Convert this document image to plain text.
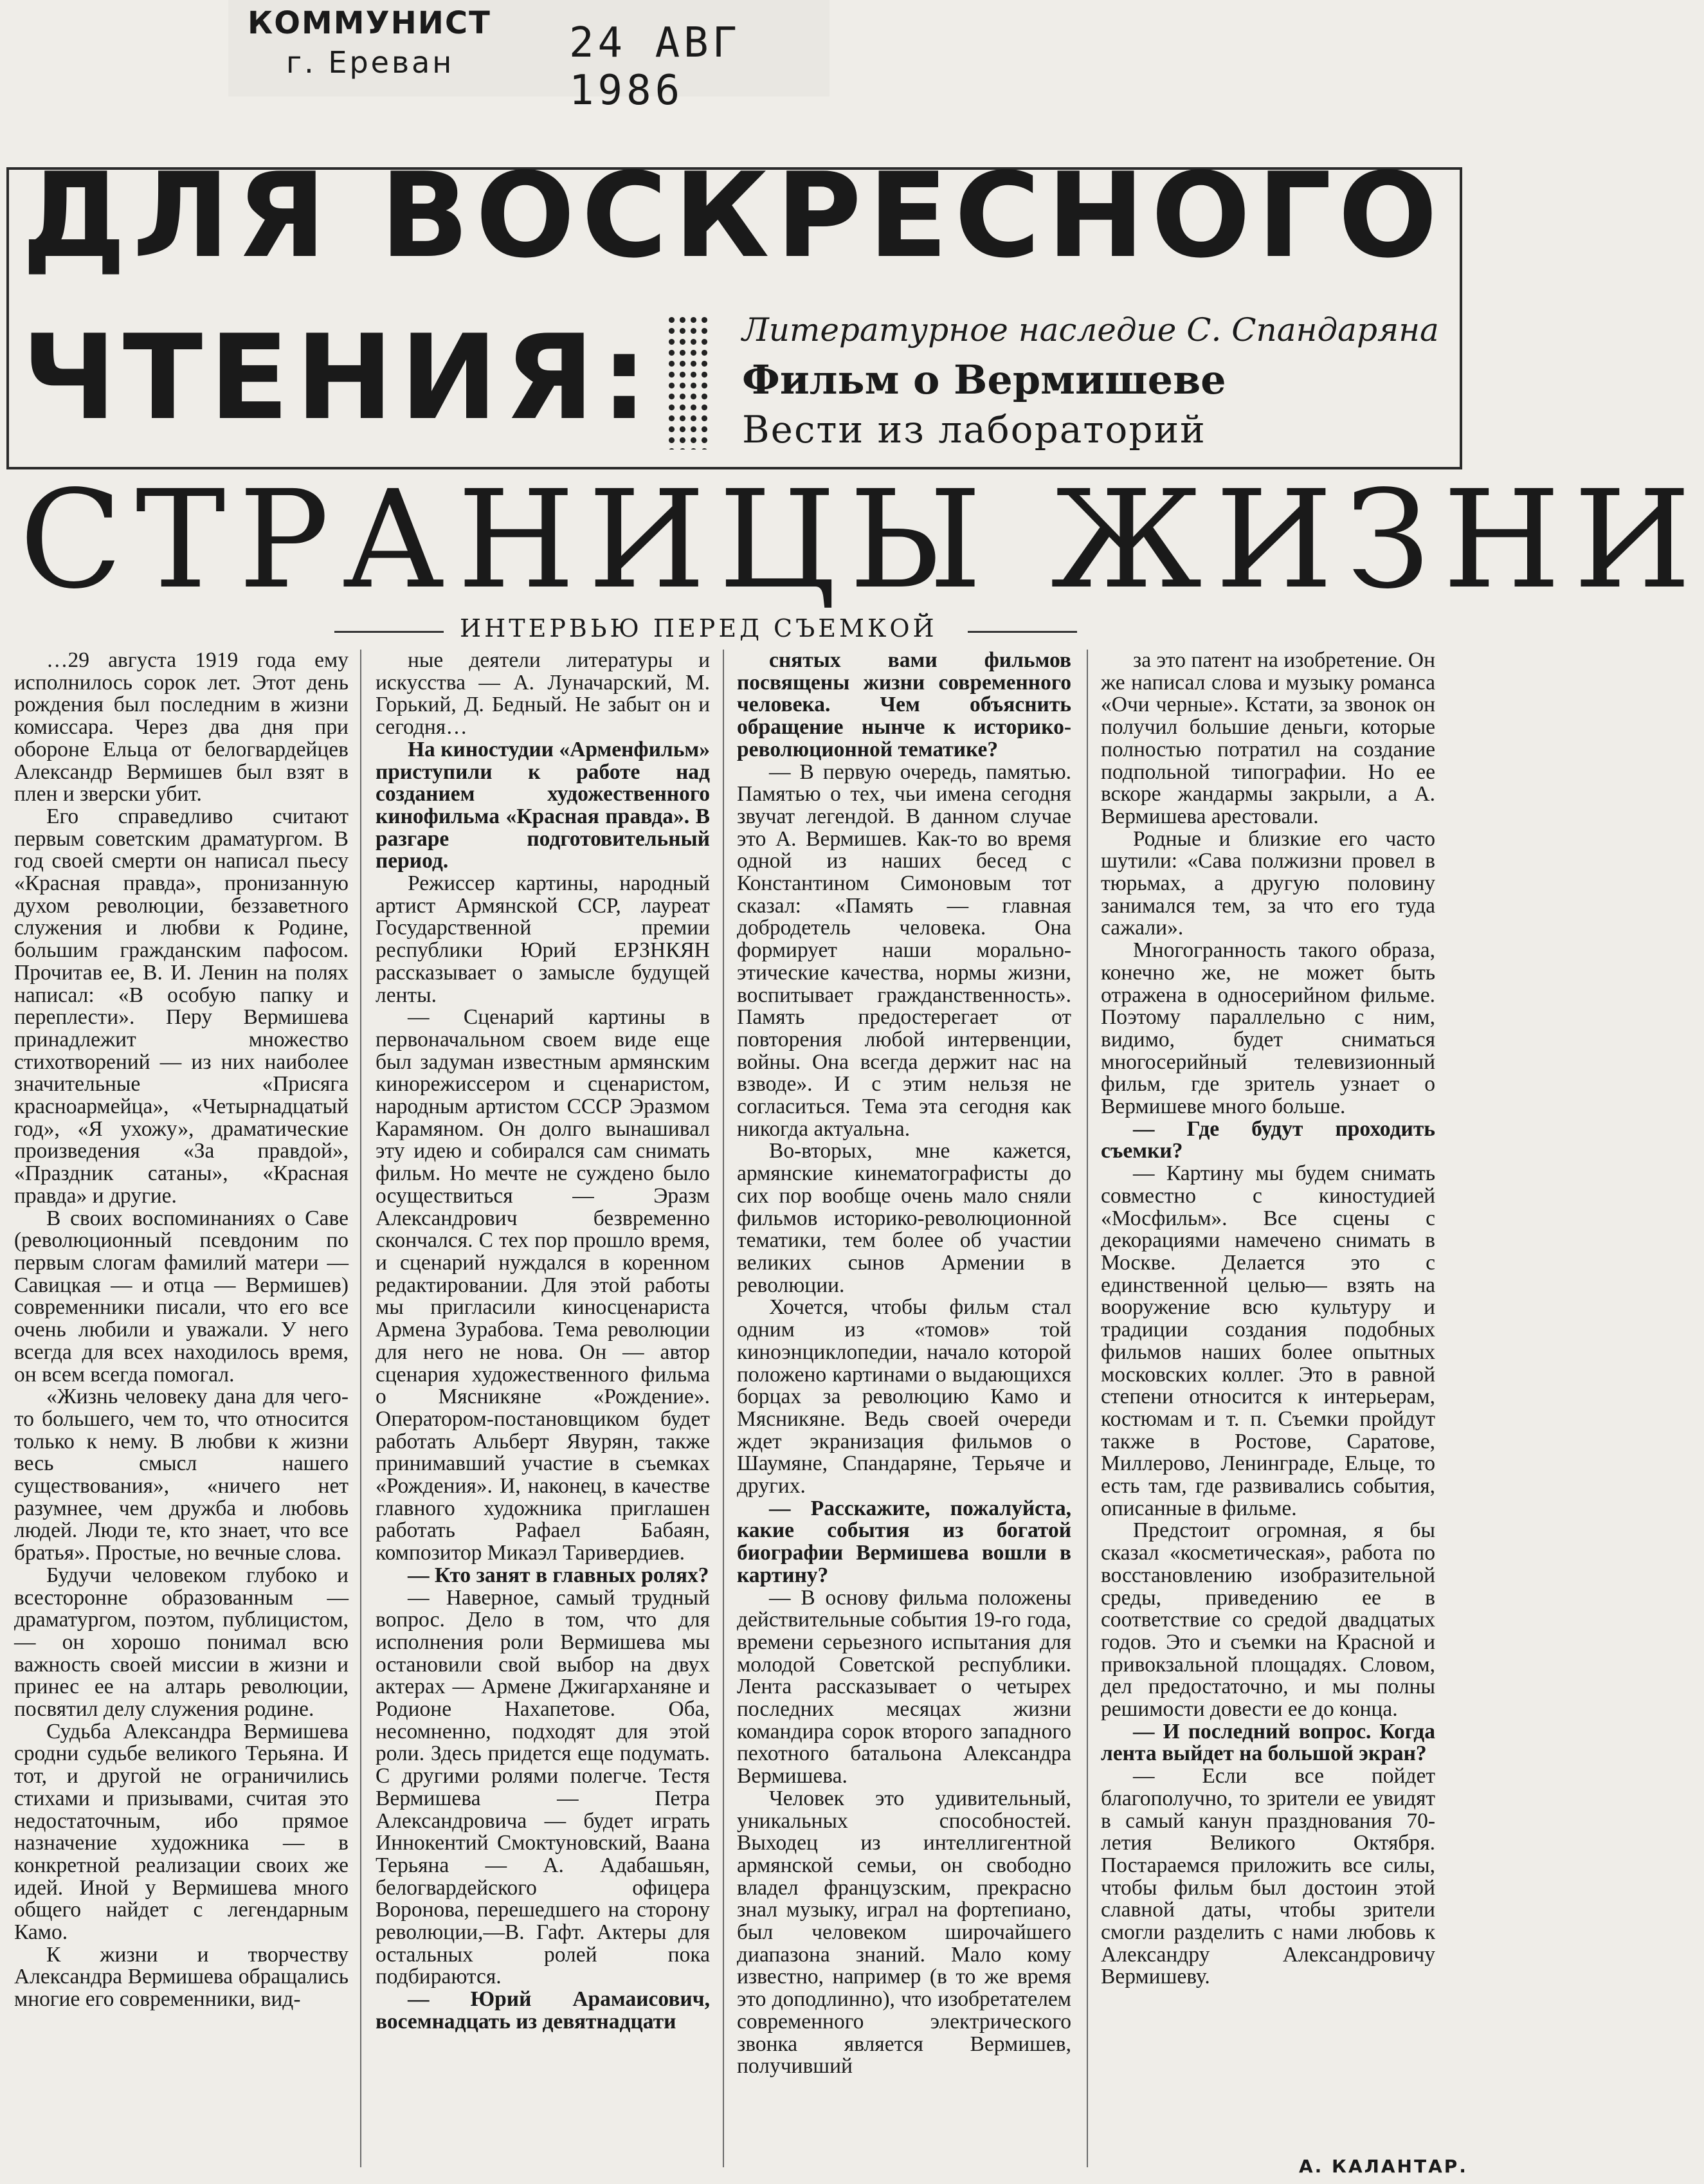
КОММУНИСТ
г. Ереван	24 АВГ 1986
ДЛЯ ВОСКРЕСНОГО
ЧТЕНИЯ:	Литературное наследие С. Спандаряна
Фильм о Вермишеве
Вести из лабораторий
СТРАНИЦЫ ЖИЗНИ
ИНТЕРВЬЮ ПЕРЕД СЪЕМКОЙ

…29 августа 1919 года ему исполнилось сорок лет. Этот день рождения был последним в жизни комиссара. Через два дня при обороне Ельца от белогвардейцев Александр Вермишев был взят в плен и зверски убит.

Его справедливо считают первым советским драматургом. В год своей смерти он написал пьесу «Красная правда», пронизанную духом революции, беззаветного служения и любви к Родине, большим гражданским пафосом. Прочитав ее, В. И. Ленин на полях написал: «В особую папку и переплести». Перу Вермишева принадлежит множество стихотворений — из них наиболее значительные «Присяга красноармейца», «Четырнадцатый год», «Я ухожу», драматические произведения «За правдой», «Праздник сатаны», «Красная правда» и другие.

В своих воспоминаниях о Саве (революционный псевдоним по первым слогам фамилий матери — Савицкая — и отца — Вермишев) современники писали, что его все очень любили и уважали. У него всегда для всех находилось время, он всем всегда помогал.

«Жизнь человеку дана для чего-то большего, чем то, что относится только к нему. В любви к жизни весь смысл нашего существования», «ничего нет разумнее, чем дружба и любовь людей. Люди те, кто знает, что все братья». Простые, но вечные слова.

Будучи человеком глубоко и всесторонне образованным — драматургом, поэтом, публицистом, — он хорошо понимал всю важность своей миссии в жизни и принес ее на алтарь революции, посвятил делу служения родине.

Судьба Александра Вермишева сродни судьбе великого Терьяна. И тот, и другой не ограничились стихами и призывами, считая это недостаточным, ибо прямое назначение художника — в конкретной реализации своих же идей. Иной у Вермишева много общего найдет с легендарным Камо.

К жизни и творчеству Александра Вермишева обращались многие его современники, вид-

ные деятели литературы и искусства — А. Луначарский, М. Горький, Д. Бедный. Не забыт он и сегодня…

На киностудии «Арменфильм» приступили к работе над созданием художественного кинофильма «Красная правда». В разгаре подготовительный период.

Режиссер картины, народный артист Армянской ССР, лауреат Государственной премии республики Юрий ЕРЗНКЯН рассказывает о замысле будущей ленты.

— Сценарий картины в первоначальном своем виде еще был задуман известным армянским кинорежиссером и сценаристом, народным артистом СССР Эразмом Карамяном. Он долго вынашивал эту идею и собирался сам снимать фильм. Но мечте не суждено было осуществиться — Эразм Александрович безвременно скончался. С тех пор прошло время, и сценарий нуждался в коренном редактировании. Для этой работы мы пригласили киносценариста Армена Зурабова. Тема революции для него не нова. Он — автор сценария художественного фильма о Мясникяне «Рождение». Оператором-постановщиком будет работать Альберт Явурян, также принимавший участие в съемках «Рождения». И, наконец, в качестве главного художника приглашен работать Рафаел Бабаян, композитор Микаэл Таривердиев.

— Кто занят в главных ролях?

— Наверное, самый трудный вопрос. Дело в том, что для исполнения роли Вермишева мы остановили свой выбор на двух актерах — Армене Джигарханяне и Родионе Нахапетове. Оба, несомненно, подходят для этой роли. Здесь придется еще подумать. С другими ролями полегче. Тестя Вермишева — Петра Александровича — будет играть Иннокентий Смоктуновский, Ваана Терьяна — А. Адабашьян, белогвардейского офицера Воронова, перешедшего на сторону революции,—В. Гафт. Актеры для остальных ролей пока подбираются.

— Юрий Арамаисович, восемнадцать из девятнадцати

снятых вами фильмов посвящены жизни современного человека. Чем объяснить обращение нынче к историко-революционной тематике?

— В первую очередь, памятью. Памятью о тех, чьи имена сегодня звучат легендой. В данном случае это А. Вермишев. Как-то во время одной из наших бесед с Константином Симоновым тот сказал: «Память — главная добродетель человека. Она формирует наши морально-этические качества, нормы жизни, воспитывает гражданственность». Память предостерегает от повторения любой интервенции, войны. Она всегда держит нас на взводе». И с этим нельзя не согласиться. Тема эта сегодня как никогда актуальна.

Во-вторых, мне кажется, армянские кинематографисты до сих пор вообще очень мало сняли фильмов историко-революционной тематики, тем более об участии великих сынов Армении в революции.

Хочется, чтобы фильм стал одним из «томов» той киноэнциклопедии, начало которой положено картинами о выдающихся борцах за революцию Камо и Мясникяне. Ведь своей очереди ждет экранизация фильмов о Шаумяне, Спандаряне, Терьяче и других.

— Расскажите, пожалуйста, какие события из богатой биографии Вермишева вошли в картину?

— В основу фильма положены действительные события 19-го года, времени серьезного испытания для молодой Советской республики. Лента рассказывает о четырех последних месяцах жизни командира сорок второго западного пехотного батальона Александра Вермишева.

Человек это удивительный, уникальных способностей. Выходец из интеллигентной армянской семьи, он свободно владел французским, прекрасно знал музыку, играл на фортепиано, был человеком широчайшего диапазона знаний. Мало кому известно, например (в то же время это доподлинно), что изобретателем современного электрического звонка является Вермишев, получивший

за это патент на изобретение. Он же написал слова и музыку романса «Очи черные». Кстати, за звонок он получил большие деньги, которые полностью потратил на создание подпольной типографии. Но ее вскоре жандармы закрыли, а А. Вермишева арестовали.

Родные и близкие его часто шутили: «Сава полжизни провел в тюрьмах, а другую половину занимался тем, за что его туда сажали».

Многогранность такого образа, конечно же, не может быть отражена в односерийном фильме. Поэтому параллельно с ним, видимо, будет сниматься многосерийный телевизионный фильм, где зритель узнает о Вермишеве много больше.

— Где будут проходить съемки?

— Картину мы будем снимать совместно с киностудией «Мосфильм». Все сцены с декорациями намечено снимать в Москве. Делается это с единственной целью— взять на вооружение всю культуру и традиции создания подобных фильмов наших более опытных московских коллег. Это в равной степени относится к интерьерам, костюмам и т. п. Съемки пройдут также в Ростове, Саратове, Миллерово, Ленинграде, Ельце, то есть там, где развивались события, описанные в фильме.

Предстоит огромная, я бы сказал «косметическая», работа по восстановлению изобразительной среды, приведению ее в соответствие со средой двадцатых годов. Это и съемки на Красной и привокзальной площадях. Словом, дел предостаточно, и мы полны решимости довести ее до конца.

— И последний вопрос. Когда лента выйдет на большой экран?

— Если все пойдет благополучно, то зрители ее увидят в самый канун празднования 70-летия Великого Октября. Постараемся приложить все силы, чтобы фильм был достоин этой славной даты, чтобы зрители смогли разделить с нами любовь к Александру Александровичу Вермишеву.

А. КАЛАНТАР.
